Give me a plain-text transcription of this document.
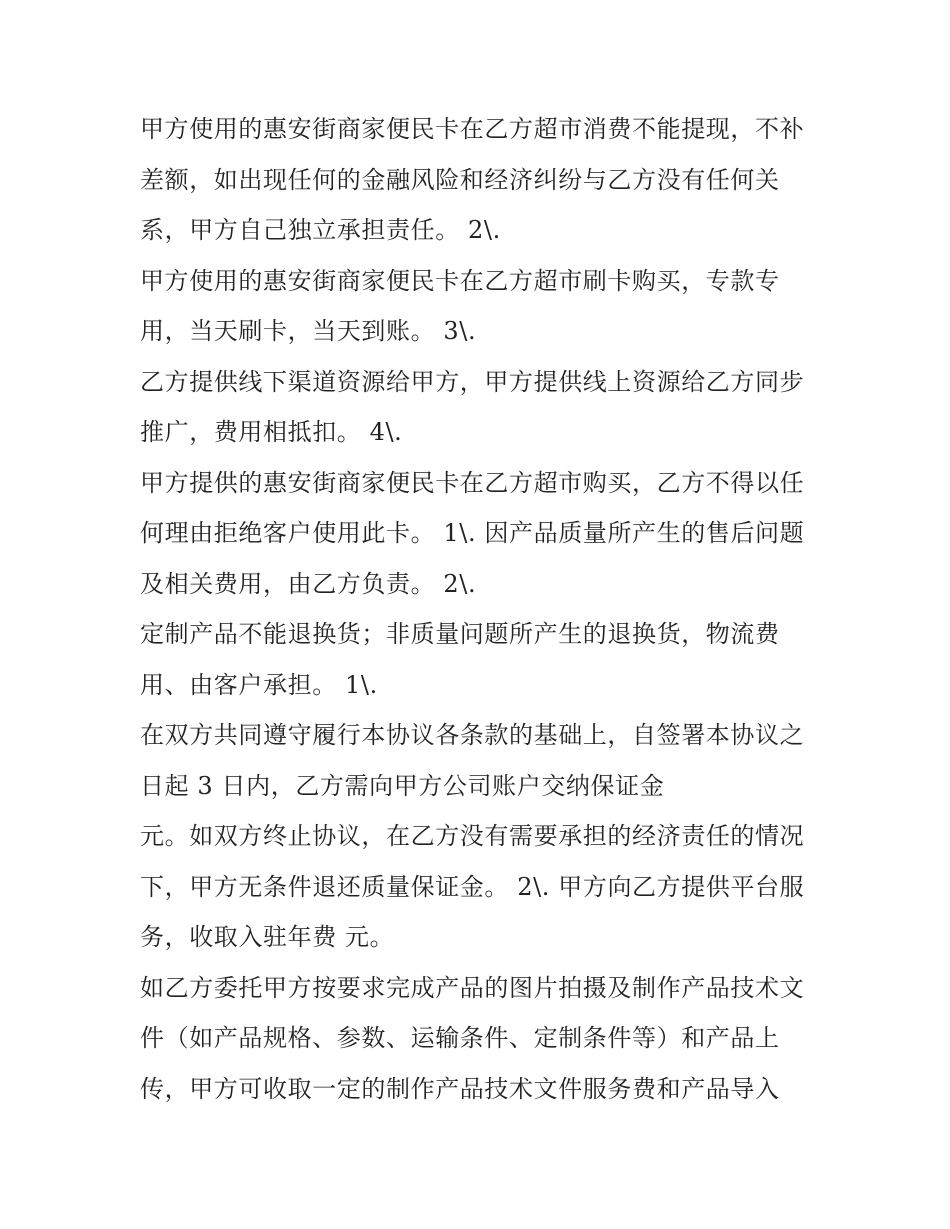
甲方使用的惠安街商家便民卡在乙方超市消费不能提现，不补
差额，如出现任何的金融风险和经济纠纷与乙方没有任何关
系，甲方自己独立承担责任。 2\.
甲方使用的惠安街商家便民卡在乙方超市刷卡购买，专款专
用，当天刷卡，当天到账。 3\.
乙方提供线下渠道资源给甲方，甲方提供线上资源给乙方同步
推广，费用相抵扣。 4\.
甲方提供的惠安街商家便民卡在乙方超市购买，乙方不得以任
何理由拒绝客户使用此卡。 1\. 因产品质量所产生的售后问题
及相关费用，由乙方负责。 2\.
定制产品不能退换货；非质量问题所产生的退换货，物流费
用、由客户承担。 1\.
在双方共同遵守履行本协议各条款的基础上，自签署本协议之
日起 3 日内，乙方需向甲方公司账户交纳保证金
元。如双方终止协议，在乙方没有需要承担的经济责任的情况
下，甲方无条件退还质量保证金。 2\. 甲方向乙方提供平台服
务，收取入驻年费 元。
如乙方委托甲方按要求完成产品的图片拍摄及制作产品技术文
件（如产品规格、参数、运输条件、定制条件等）和产品上
传，甲方可收取一定的制作产品技术文件服务费和产品导入
